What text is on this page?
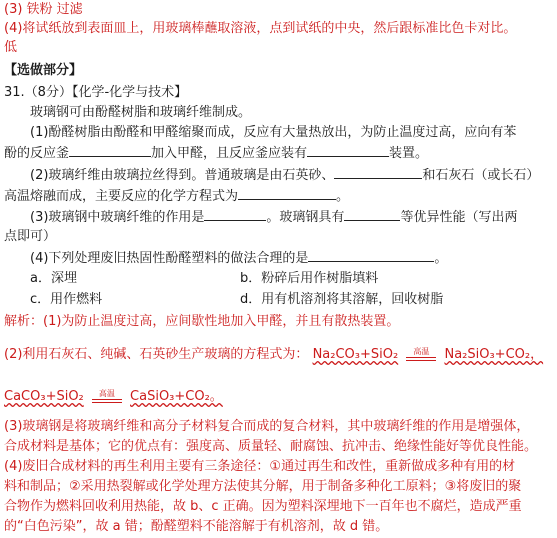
(3) 铁粉 过滤
(4)将试纸放到表面皿上，用玻璃棒蘸取溶液，点到试纸的中央，然后跟标准比色卡对比。
低
【选做部分】
31.（8分）【化学-化学与技术】
玻璃钢可由酚醛树脂和玻璃纤维制成。
(1)酚醛树脂由酚醛和甲醛缩聚而成，反应有大量热放出，为防止温度过高，应向有苯
酚的反应釜	加入甲醛，且反应釜应装有	装置。
(2)玻璃纤维由玻璃拉丝得到。普通玻璃是由石英砂、	和石灰石（或长石）
高温熔融而成，主要反应的化学方程式为	。
(3)玻璃钢中玻璃纤维的作用是	。玻璃钢具有	等优异性能（写出两
点即可）
(4)下列处理废旧热固性酚醛塑料的做法合理的是	。
a．深埋	b．粉碎后用作树脂填料
c．用作燃料	d．用有机溶剂将其溶解，回收树脂
解析：(1)为防止温度过高，应间歇性地加入甲醛，并且有散热装置。
(2)利用石灰石、纯碱、石英砂生产玻璃的方程式为： Na₂CO₃+SiO₂ 高温 Na₂SiO₃+CO₂，
CaCO₃+SiO₂ 高温 CaSiO₃+CO₂。
(3)玻璃钢是将玻璃纤维和高分子材料复合而成的复合材料，其中玻璃纤维的作用是增强体，
合成材料是基体；它的优点有：强度高、质量轻、耐腐蚀、抗冲击、绝缘性能好等优良性能。
(4)废旧合成材料的再生利用主要有三条途径：①通过再生和改性，重新做成多种有用的材
料和制品；②采用热裂解或化学处理方法使其分解，用于制备多种化工原料；③将废旧的聚
合物作为燃料回收利用热能，故 b、c 正确。因为塑料深埋地下一百年也不腐烂，造成严重
的“白色污染”，故 a 错；酚醛塑料不能溶解于有机溶剂，故 d 错。
